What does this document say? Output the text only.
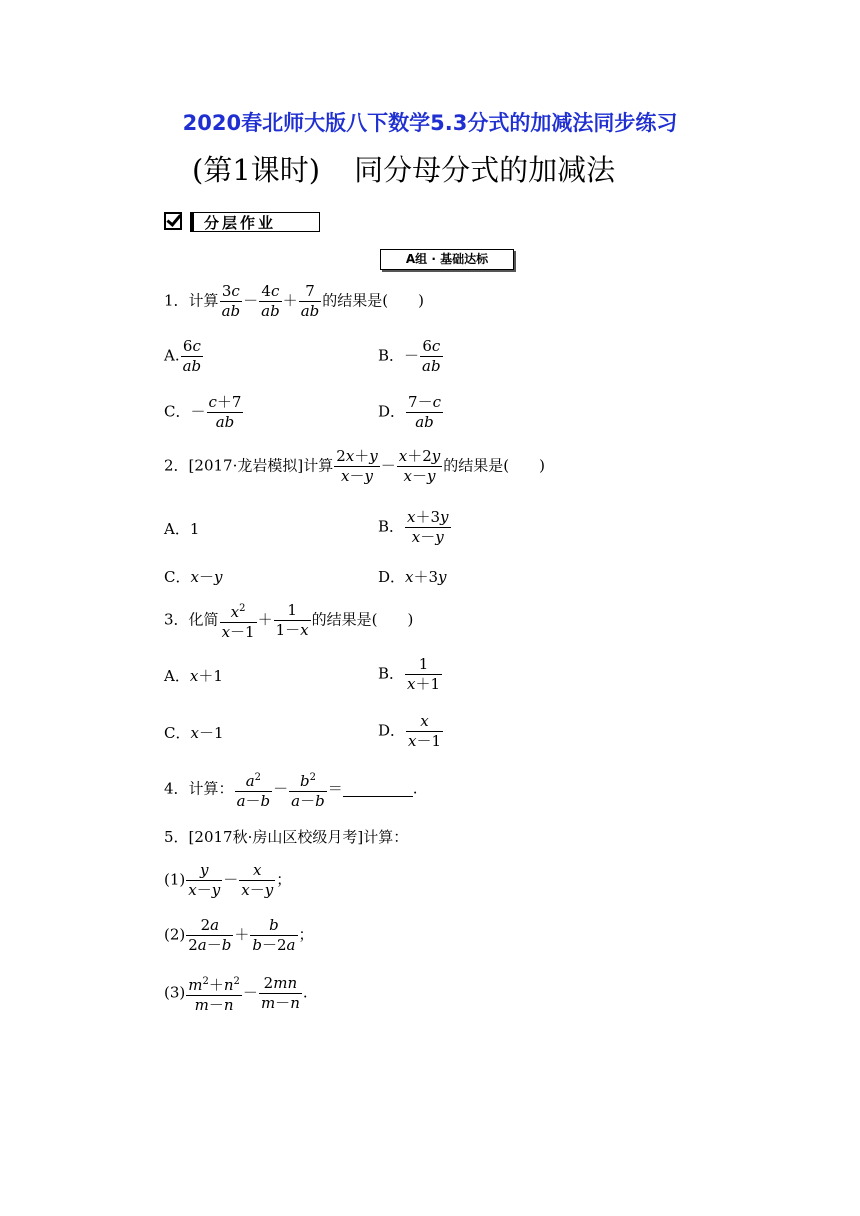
2020春北师大版八下数学5.3分式的加减法同步练习
(第1课时) 同分母分式的加减法
分层作业
A组 · 基础达标
1．计算 $\frac{3c}{ab} - \frac{4c}{ab} + \frac{7}{ab}$ 的结果是(　　)
A. $\frac{6c}{ab}$	B．－ $\frac{6c}{ab}$
C．－ $\frac{c+7}{ab}$	D． $\frac{7-c}{ab}$
2．[2017·龙岩模拟]计算 $\frac{2x+y}{x-y} - \frac{x+2y}{x-y}$ 的结果是(　　)
A．1	B． $\frac{x+3y}{x-y}$
C．x－y	D．x＋3y
3．化简 $\frac{x^2}{x-1} + \frac{1}{1-x}$ 的结果是(　　)
A．x＋1	B． $\frac{1}{x+1}$
C．x－1	D． $\frac{x}{x-1}$
4．计算： $\frac{a^2}{a-b} - \frac{b^2}{a-b}$ ＝	.
5．[2017秋·房山区校级月考]计算：
$(1) \frac{y}{x-y} - \frac{x}{x-y}$ ；
$(2) \frac{2a}{2a-b} + \frac{b}{b-2a}$ ；
$(3) \frac{m^2+n^2}{m-n} - \frac{2mn}{m-n}$ .
